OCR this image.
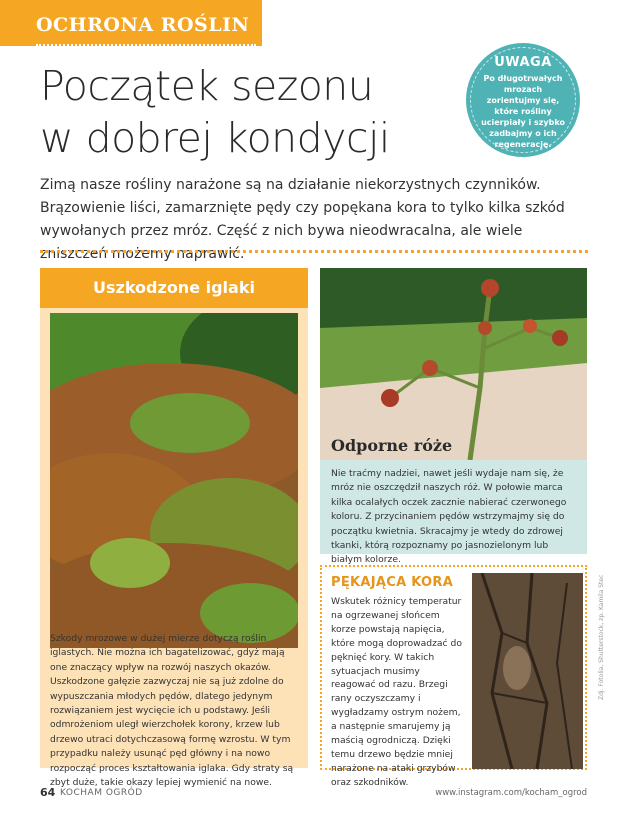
OCHRONA ROŚLIN
Początek sezonu
w dobrej kondycji
UWAGA
Po długotrwałych mrozach zorientujmy się, które rośliny ucierpiały i szybko zadbajmy o ich regenerację.

Zimą nasze rośliny narażone są na działanie niekorzystnych czynników. Brązowienie liści, zamarznięte pędy czy popękana kora to tylko kilka szkód wywołanych przez mróz. Część z nich bywa nieodwracalna, ale wiele zniszczeń możemy naprawić.

Uszkodzone iglaki

Szkody mrozowe w dużej mierze dotyczą roślin iglastych. Nie można ich bagatelizować, gdyż mają one znaczący wpływ na rozwój naszych okazów. Uszkodzone gałęzie zazwyczaj nie są już zdolne do wypuszczania młodych pędów, dlatego jedynym rozwiązaniem jest wycięcie ich u podstawy. Jeśli odmrożeniom uległ wierzchołek korony, krzew lub drzewo utraci dotychczasową formę wzrostu. W tym przypadku należy usunąć pęd główny i na nowo rozpocząć proces kształtowania iglaka. Gdy straty są zbyt duże, takie okazy lepiej wymienić na nowe.

Odporne róże

Nie traćmy nadziei, nawet jeśli wydaje nam się, że mróz nie oszczędził naszych róż. W połowie marca kilka ocalałych oczek zacznie nabierać czerwonego koloru. Z przycinaniem pędów wstrzymajmy się do początku kwietnia. Skracajmy je wtedy do zdrowej tkanki, którą rozpoznamy po jasnozielonym lub białym kolorze.

PĘKAJĄCA KORA

Wskutek różnicy temperatur na ogrzewanej słońcem korze powstają napięcia, które mogą doprowadzać do pęknięć kory. W takich sytuacjach musimy reagować od razu. Brzegi rany oczyszczamy i wygładzamy ostrym nożem, a następnie smarujemy ją maścią ogrodniczą. Dzięki temu drzewo będzie mniej narażone na ataki grzybów oraz szkodników.

Zdj. Fotolia, Shutterstock, zp. Kamila Stec
64 KOCHAM OGRÓD	www.instagram.com/kocham_ogrod
